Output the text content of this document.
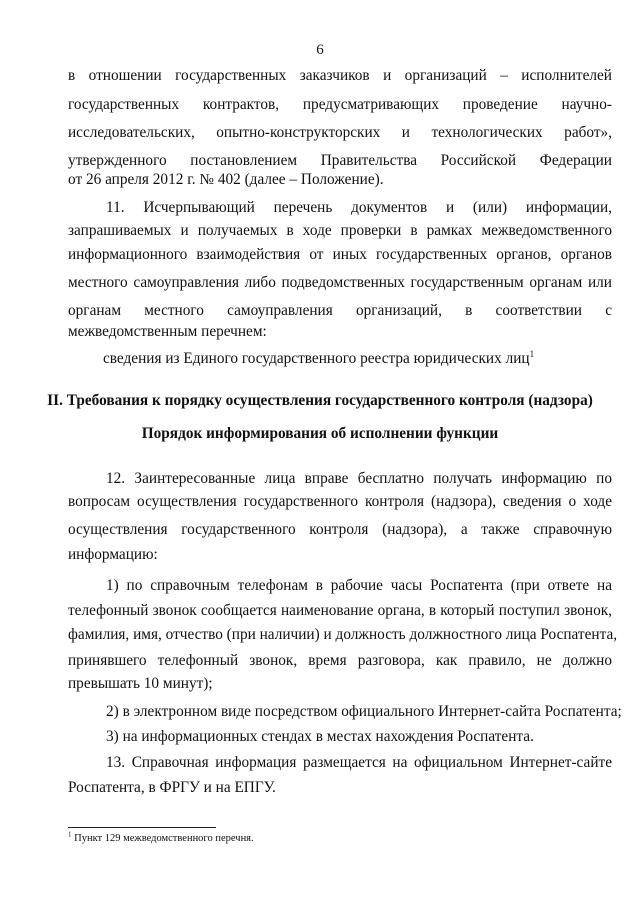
6
в отношении государственных заказчиков и организаций – исполнителей
государственных контрактов, предусматривающих проведение научно-
исследовательских, опытно-конструкторских и технологических работ»,
утвержденного постановлением Правительства Российской Федерации
от 26 апреля 2012 г. № 402 (далее – Положение).
11. Исчерпывающий перечень документов и (или) информации,
запрашиваемых и получаемых в ходе проверки в рамках межведомственного
информационного взаимодействия от иных государственных органов, органов
местного самоуправления либо подведомственных государственным органам или
органам местного самоуправления организаций, в соответствии с
межведомственным перечнем:
сведения из Единого государственного реестра юридических лиц$^1$
II. Требования к порядку осуществления государственного контроля (надзора)
Порядок информирования об исполнении функции
12. Заинтересованные лица вправе бесплатно получать информацию по
вопросам осуществления государственного контроля (надзора), сведения о ходе
осуществления государственного контроля (надзора), а также справочную
информацию:
1) по справочным телефонам в рабочие часы Роспатента (при ответе на
телефонный звонок сообщается наименование органа, в который поступил звонок,
фамилия, имя, отчество (при наличии) и должность должностного лица Роспатента,
принявшего телефонный звонок, время разговора, как правило, не должно
превышать 10 минут);
2) в электронном виде посредством официального Интернет-сайта Роспатента;
3) на информационных стендах в местах нахождения Роспатента.
13. Справочная информация размещается на официальном Интернет-сайте
Роспатента, в ФРГУ и на ЕПГУ.
$^1$ Пункт 129 межведомственного перечня.
